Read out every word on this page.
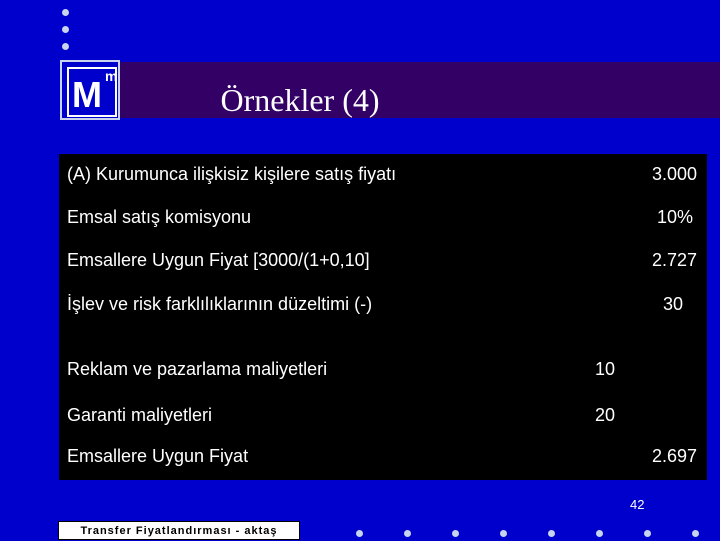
Örnekler (4)
M m
(A) Kurumunca ilişkisiz kişilere satış fiyatı	3.000
Emsal satış komisyonu	10%
Emsallere Uygun Fiyat [3000/(1+0,10]	2.727
İşlev ve risk farklılıklarının düzeltimi (-)	30
Reklam ve pazarlama maliyetleri	10
Garanti maliyetleri	20
Emsallere Uygun Fiyat	2.697
42
Transfer Fiyatlandırması - aktaş
